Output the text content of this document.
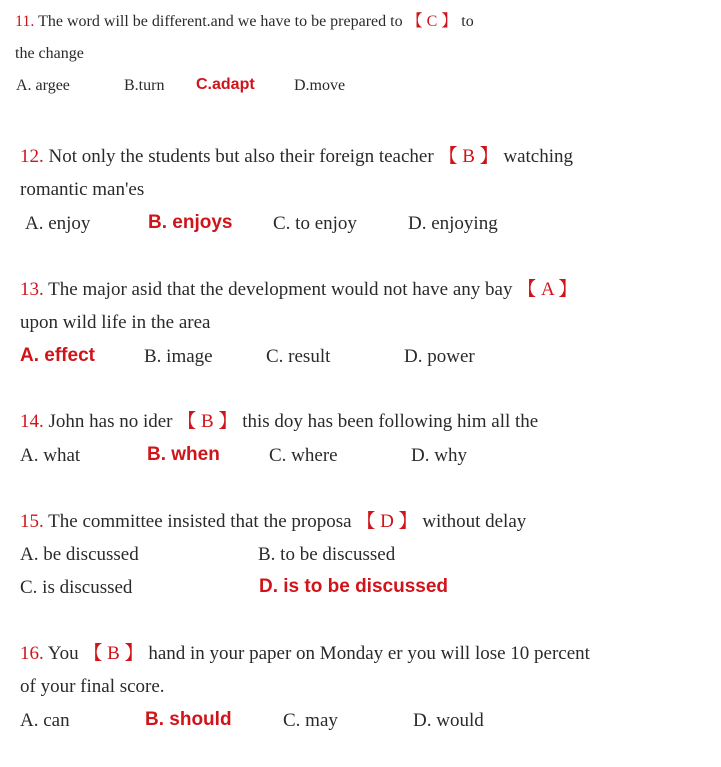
11. The word will be different.and we have to be prepared to 【 C 】 to
the change
A. argee	B.turn C.adapt D.move
12. Not only the students but also their foreign teacher 【 B 】 watching
romantic man'es
A. enjoy	B. enjoys C. to enjoy	D. enjoying
13. The major asid that the development would not have any bay 【 A 】
upon wild life in the area
A. effect	B. image	C. result	D. power
14. John has no ider 【 B 】 this doy has been following him all the
A. what	B. when	C. where	D. why
15. The committee insisted that the proposa 【 D 】 without delay
A. be discussed	B. to be discussed
C. is discussed	D. is to be discussed
16. You 【 B 】 hand in your paper on Monday er you will lose 10 percent
of your final score.
A. can	B. should	C. may	D. would
